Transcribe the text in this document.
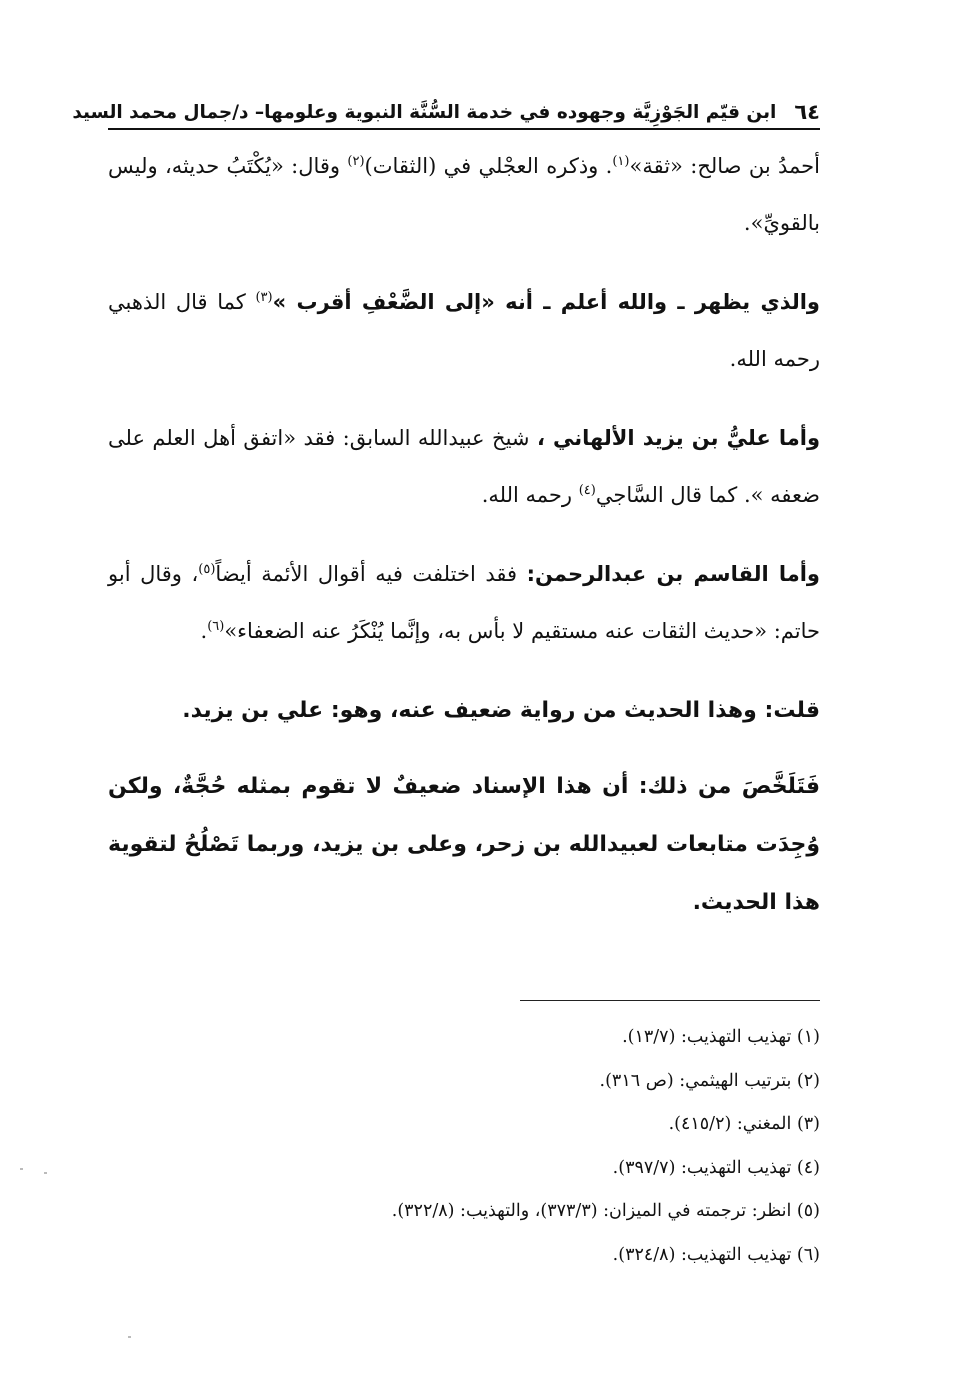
٦٤
ابن قيّم الجَوْزِيَّة وجهوده في خدمة السُّنَّة النبوية وعلومها– د/جمال محمد السيد

أحمدُ بن صالح: «ثقة»$^{(١)}$. وذكره العجْلي في (الثقات)$^{(٢)}$ وقال: «يُكْتَبُ حديثه، وليس بالقويِّ».

والذي يظهر ـ والله أعلم ـ أنه «إلى الضَّعْفِ أقرب »$^{(٣)}$ كما قال الذهبي رحمه الله.

وأما عليُّ بن يزيد الألهاني ، شيخ عبيدالله السابق: فقد «اتفق أهل العلم على ضعفه ». كما قال السَّاجي$^{(٤)}$ رحمه الله.

وأما القاسم بن عبدالرحمن: فقد اختلفت فيه أقوال الأئمة أيضاً$^{(٥)}$، وقال أبو حاتم: «حديث الثقات عنه مستقيم لا بأس به، وإنَّما يُنْكَرُ عنه الضعفاء»$^{(٦)}$.

قلت: وهذا الحديث من رواية ضعيف عنه، وهو: علي بن يزيد.

فَتَلَخَّصَ من ذلك: أن هذا الإسناد ضعيفٌ لا تقوم بمثله حُجَّةٌ، ولكن وُجِدَت متابعات لعبيدالله بن زحر، وعلى بن يزيد، وربما تَصْلُحُ لتقوية هذا الحديث.

(١) تهذيب التهذيب: (١٣/٧).
(٢) بترتيب الهيثمي: (ص ٣١٦).
(٣) المغني: (٤١٥/٢).
(٤) تهذيب التهذيب: (٣٩٧/٧).
(٥) انظر: ترجمته في الميزان: (٣٧٣/٣)، والتهذيب: (٣٢٢/٨).
(٦) تهذيب التهذيب: (٣٢٤/٨).
